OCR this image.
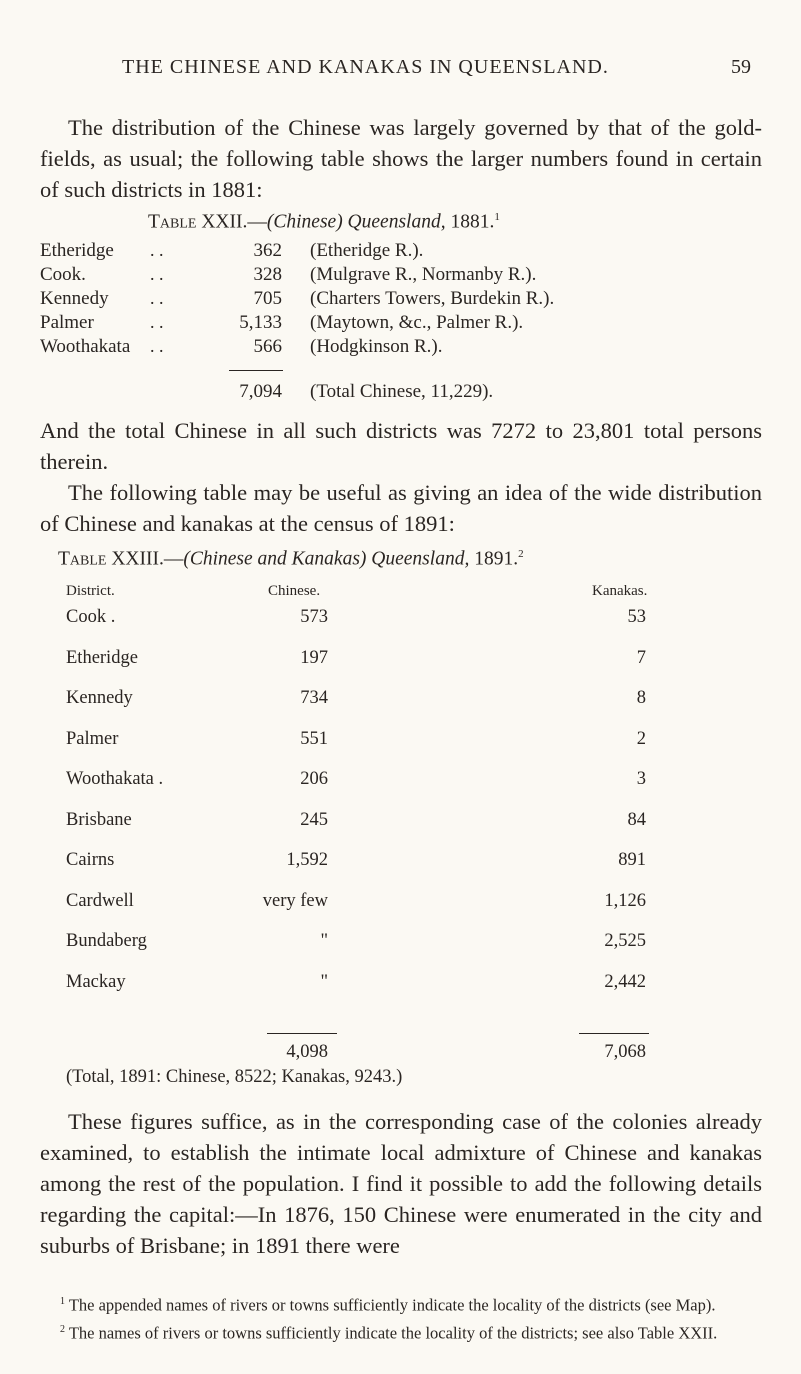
THE CHINESE AND KANAKAS IN QUEENSLAND.	59

The distribution of the Chinese was largely governed by that of the gold-fields, as usual; the following table shows the larger numbers found in certain of such districts in 1881:

Table XXII.—(Chinese) Queensland, 1881.$^1$
Etheridge . .	362 (Etheridge R.).
Cook.	. .	328 (Mulgrave R., Normanby R.).
Kennedy . .	705 (Charters Towers, Burdekin R.).
Palmer	. .	5,133 (Maytown, &c., Palmer R.).
Woothakata . .	566 (Hodgkinson R.).
7,094 (Total Chinese, 11,229).

And the total Chinese in all such districts was 7272 to 23,801 total persons therein.

The following table may be useful as giving an idea of the wide distribution of Chinese and kanakas at the census of 1891:

Table XXIII.—(Chinese and Kanakas) Queensland, 1891.$^2$
District.	Chinese.	Kanakas.
Cook .	573	53
Etheridge	197	7
Kennedy	734	8
Palmer	551	2
Woothakata .	206	3
Brisbane	245	84
Cairns	1,592	891
Cardwell	very few	1,126
Bundaberg	"	2,525
Mackay	"	2,442
4,098	7,068
(Total, 1891: Chinese, 8522; Kanakas, 9243.)

These figures suffice, as in the corresponding case of the colonies already examined, to establish the intimate local admixture of Chinese and kanakas among the rest of the population. I find it possible to add the following details regarding the capital:—In 1876, 150 Chinese were enumerated in the city and suburbs of Brisbane; in 1891 there were

$^1$ The appended names of rivers or towns sufficiently indicate the locality of the districts (see Map).

$^2$ The names of rivers or towns sufficiently indicate the locality of the districts; see also Table XXII.
